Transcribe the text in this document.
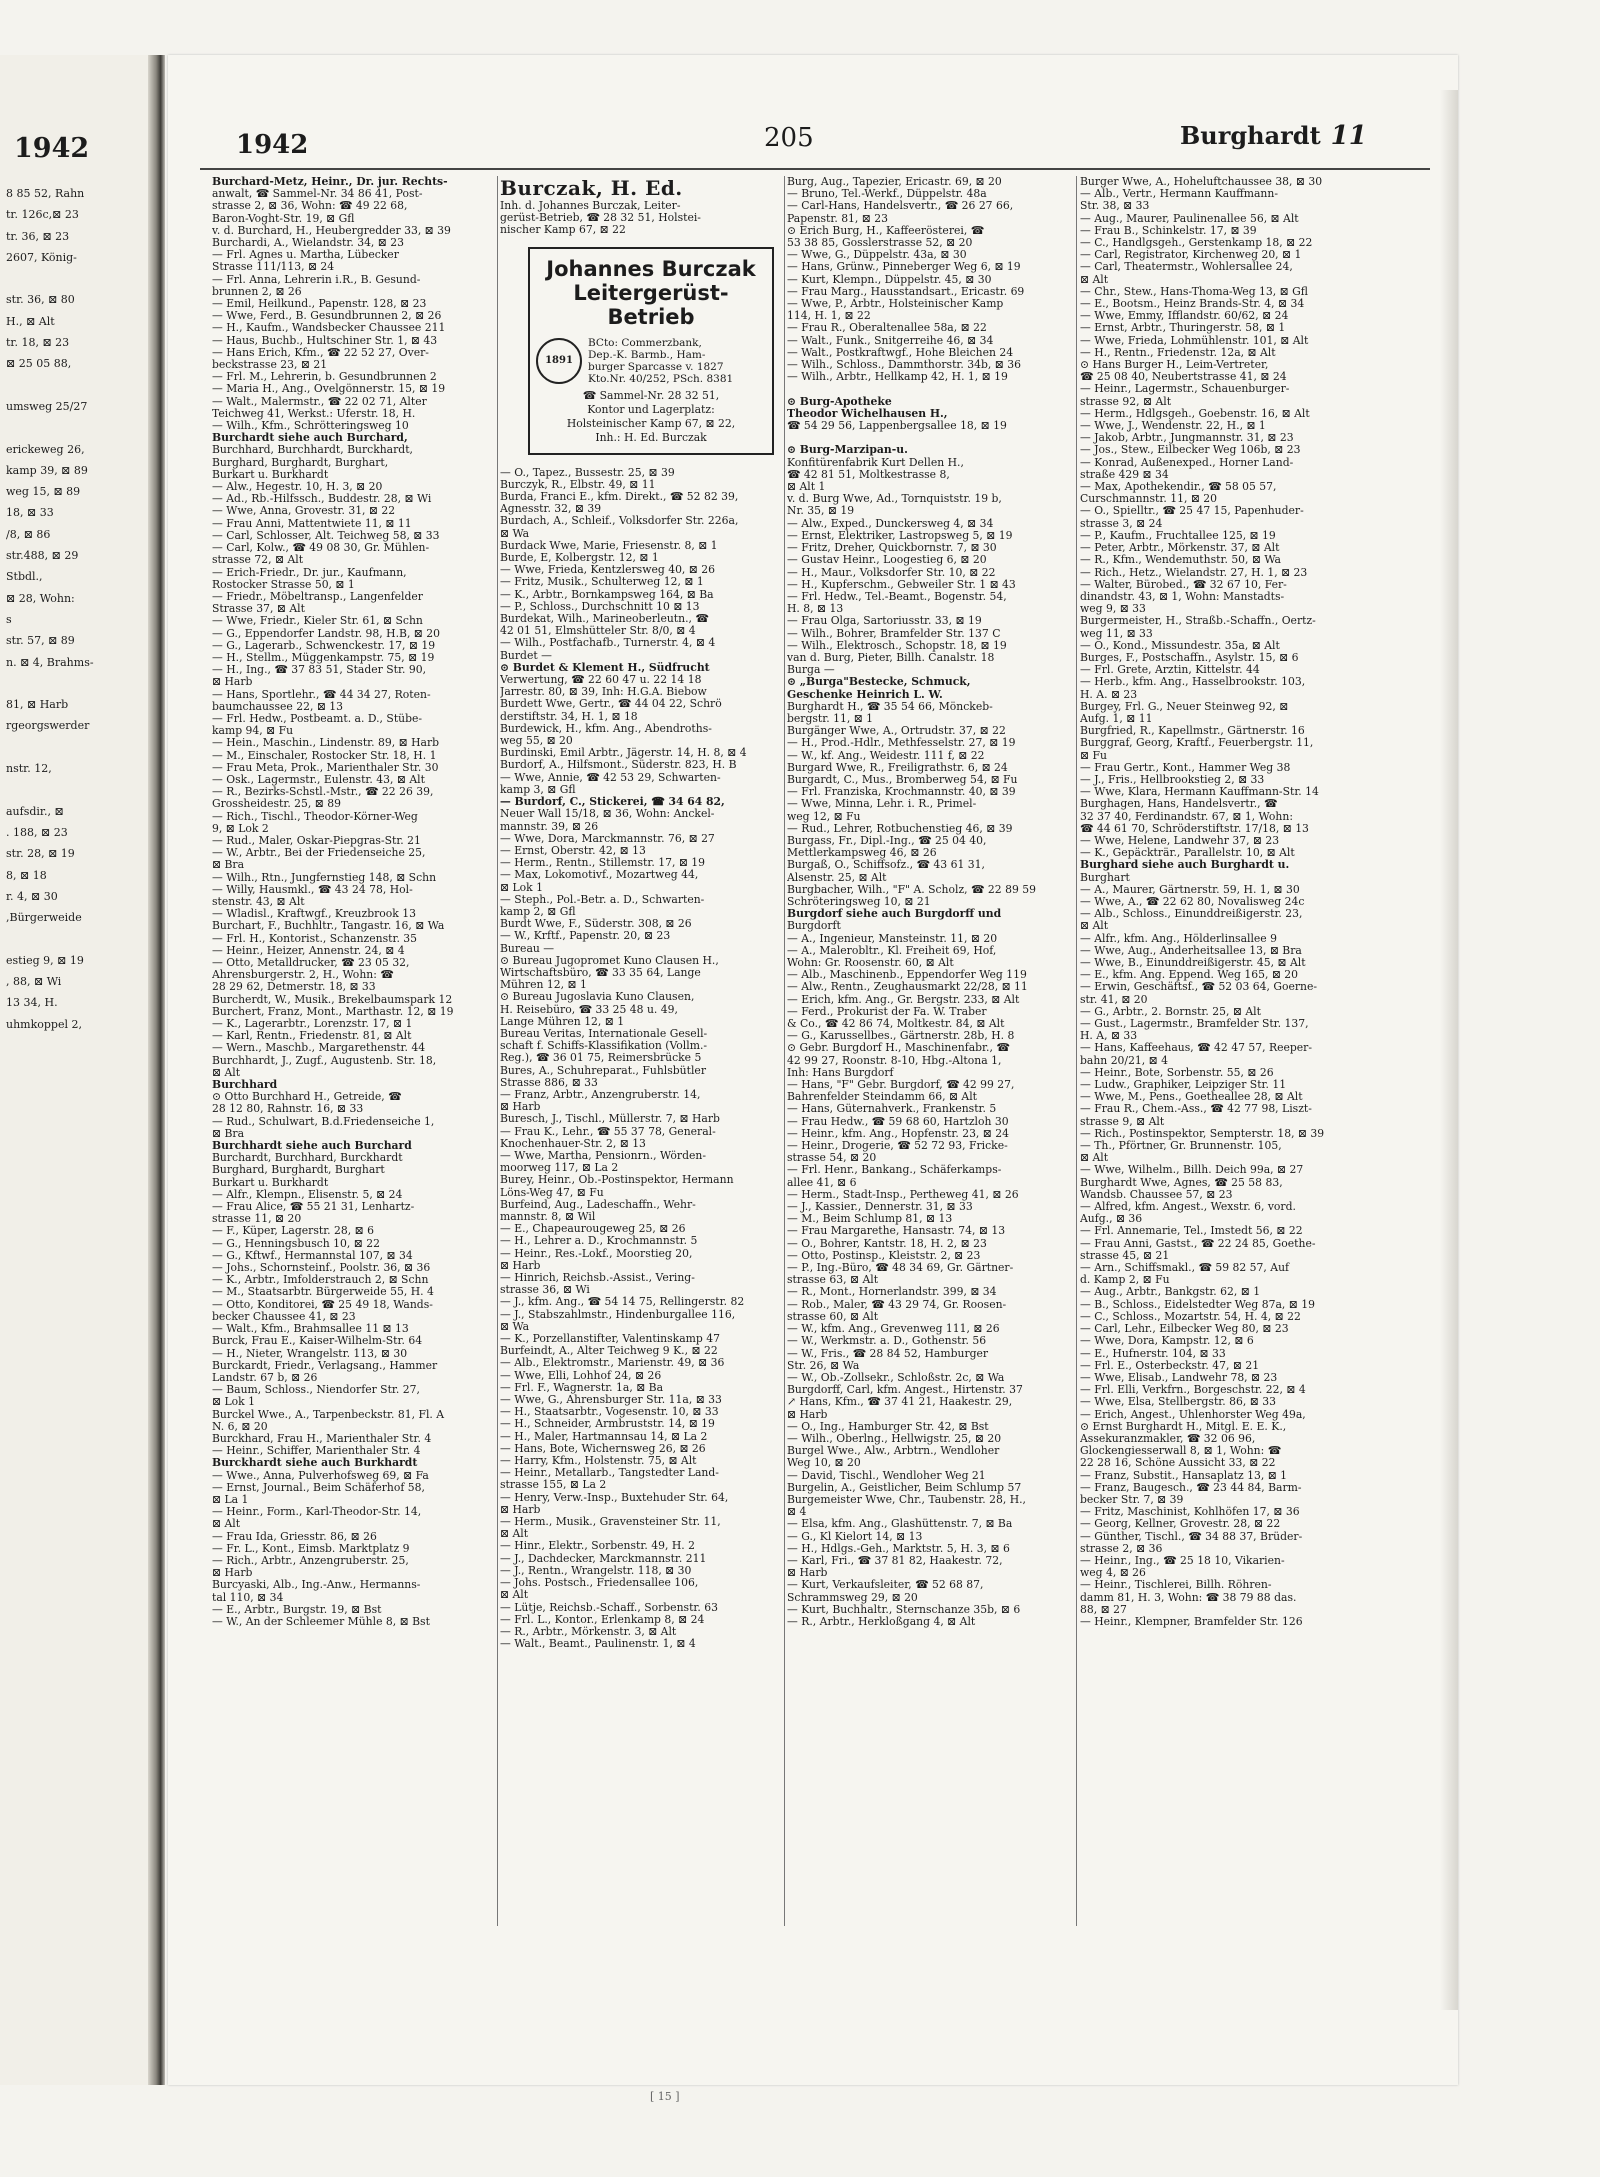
1942
8 85 52, Rahn
tr. 126c,⊠ 23
tr. 36, ⊠ 23
2607, König-

str. 36, ⊠ 80
H., ⊠ Alt
tr. 18, ⊠ 23
⊠ 25 05 88,

umsweg 25/27

erickeweg 26,
kamp 39, ⊠ 89
weg 15, ⊠ 89
18, ⊠ 33
/8, ⊠ 86
str.488, ⊠ 29
Stbdl.,
⊠ 28, Wohn:
s
str. 57, ⊠ 89
n. ⊠ 4, Brahms-

81, ⊠ Harb
rgeorgswerder

nstr. 12,

aufsdir., ⊠
. 188, ⊠ 23
str. 28, ⊠ 19
8, ⊠ 18
r. 4, ⊠ 30
,Bürgerweide

estieg 9, ⊠ 19
, 88, ⊠ Wi
13 34, H.
uhmkoppel 2,
1942	205	Burghardt 11
Burchard-Metz, Heinr., Dr. jur. Rechts-
anwalt, ☎ Sammel-Nr. 34 86 41, Post-
strasse 2, ⊠ 36, Wohn: ☎ 49 22 68,
Baron-Voght-Str. 19, ⊠ Gfl
v. d. Burchard, H., Heubergredder 33, ⊠ 39
Burchardi, A., Wielandstr. 34, ⊠ 23
— Frl. Agnes u. Martha, Lübecker
Strasse 111/113, ⊠ 24
— Frl. Anna, Lehrerin i.R., B. Gesund-
brunnen 2, ⊠ 26
— Emil, Heilkund., Papenstr. 128, ⊠ 23
— Wwe, Ferd., B. Gesundbrunnen 2, ⊠ 26
— H., Kaufm., Wandsbecker Chaussee 211
— Haus, Buchb., Hultschiner Str. 1, ⊠ 43
— Hans Erich, Kfm., ☎ 22 52 27, Over-
beckstrasse 23, ⊠ 21
— Frl. M., Lehrerin, b. Gesundbrunnen 2
— Maria H., Ang., Övelgönnerstr. 15, ⊠ 19
— Walt., Malermstr., ☎ 22 02 71, Alter
Teichweg 41, Werkst.: Uferstr. 18, H.
— Wilh., Kfm., Schrötteringsweg 10
Burchardt siehe auch Burchard,
Burchhard, Burchhardt, Burckhardt,
Burghard, Burghardt, Burghart,
Burkart u. Burkhardt
— Alw., Hegestr. 10, H. 3, ⊠ 20
— Ad., Rb.-Hilfssch., Buddestr. 28, ⊠ Wi
— Wwe, Anna, Grovestr. 31, ⊠ 22
— Frau Anni, Mattentwiete 11, ⊠ 11
— Carl, Schlosser, Alt. Teichweg 58, ⊠ 33
— Carl, Kolw., ☎ 49 08 30, Gr. Mühlen-
strasse 72, ⊠ Alt
— Erich-Friedr., Dr. jur., Kaufmann,
Rostocker Strasse 50, ⊠ 1
— Friedr., Möbeltransp., Langenfelder
Strasse 37, ⊠ Alt
— Wwe, Friedr., Kieler Str. 61, ⊠ Schn
— G., Eppendorfer Landstr. 98, H.B, ⊠ 20
— G., Lagerarb., Schwenckestr. 17, ⊠ 19
— H., Stellm., Müggenkampstr. 75, ⊠ 19
— H., Ing., ☎ 37 83 51, Stader Str. 90,
⊠ Harb
— Hans, Sportlehr., ☎ 44 34 27, Roten-
baumchaussee 22, ⊠ 13
— Frl. Hedw., Postbeamt. a. D., Stübe-
kamp 94, ⊠ Fu
— Hein., Maschin., Lindenstr. 89, ⊠ Harb
— M., Einschaler, Rostocker Str. 18, H. 1
— Frau Meta, Prok., Marienthaler Str. 30
— Osk., Lagermstr., Eulenstr. 43, ⊠ Alt
— R., Bezirks-Schstl.-Mstr., ☎ 22 26 39,
Grossheidestr. 25, ⊠ 89
— Rich., Tischl., Theodor-Körner-Weg
9, ⊠ Lok 2
— Rud., Maler, Oskar-Piepgras-Str. 21
— W., Arbtr., Bei der Friedenseiche 25,
⊠ Bra
— Wilh., Rtn., Jungfernstieg 148, ⊠ Schn
— Willy, Hausmkl., ☎ 43 24 78, Hol-
stenstr. 43, ⊠ Alt
— Wladisl., Kraftwgf., Kreuzbrook 13
Burchart, F., Buchhltr., Tangastr. 16, ⊠ Wa
— Frl. H., Kontorist., Schanzenstr. 35
— Heinr., Heizer, Annenstr. 24, ⊠ 4
— Otto, Metalldrucker, ☎ 23 05 32,
Ahrensburgerstr. 2, H., Wohn: ☎
28 29 62, Detmerstr. 18, ⊠ 33
Burcherdt, W., Musik., Brekelbaumspark 12
Burchert, Franz, Mont., Marthastr. 12, ⊠ 19
— K., Lagerarbtr., Lorenzstr. 17, ⊠ 1
— Karl, Rentn., Friedenstr. 81, ⊠ Alt
— Wern., Maschb., Margarethenstr. 44
Burchhardt, J., Zugf., Augustenb. Str. 18,
⊠ Alt
Burchhard
⊙ Otto Burchhard H., Getreide, ☎
28 12 80, Rahnstr. 16, ⊠ 33
— Rud., Schulwart, B.d.Friedenseiche 1,
⊠ Bra
Burchhardt siehe auch Burchard
Burchardt, Burchhard, Burckhardt
Burghard, Burghardt, Burghart
Burkart u. Burkhardt
— Alfr., Klempn., Elisenstr. 5, ⊠ 24
— Frau Alice, ☎ 55 21 31, Lenhartz-
strasse 11, ⊠ 20
— F., Küper, Lagerstr. 28, ⊠ 6
— G., Henningsbusch 10, ⊠ 22
— G., Kftwf., Hermannstal 107, ⊠ 34
— Johs., Schornsteinf., Poolstr. 36, ⊠ 36
— K., Arbtr., Imfolderstrauch 2, ⊠ Schn
— M., Staatsarbtr. Bürgerweide 55, H. 4
— Otto, Konditorei, ☎ 25 49 18, Wands-
becker Chaussee 41, ⊠ 23
— Walt., Kfm., Brahmsallee 11 ⊠ 13
Burck, Frau E., Kaiser-Wilhelm-Str. 64
— H., Nieter, Wrangelstr. 113, ⊠ 30
Burckardt, Friedr., Verlagsang., Hammer
Landstr. 67 b, ⊠ 26
— Baum, Schloss., Niendorfer Str. 27,
⊠ Lok 1
Burckel Wwe., A., Tarpenbeckstr. 81, Fl. A
N. 6, ⊠ 20
Burckhard, Frau H., Marienthaler Str. 4
— Heinr., Schiffer, Marienthaler Str. 4
Burckhardt siehe auch Burkhardt
— Wwe., Anna, Pulverhofsweg 69, ⊠ Fa
— Ernst, Journal., Beim Schäferhof 58,
⊠ La 1
— Heinr., Form., Karl-Theodor-Str. 14,
⊠ Alt
— Frau Ida, Griesstr. 86, ⊠ 26
— Fr. L., Kont., Eimsb. Marktplatz 9
— Rich., Arbtr., Anzengruberstr. 25,
⊠ Harb
Burcyaski, Alb., Ing.-Anw., Hermanns-
tal 110, ⊠ 34
— E., Arbtr., Burgstr. 19, ⊠ Bst
— W., An der Schleemer Mühle 8, ⊠ Bst
Burczak, H. Ed.
Inh. d. Johannes Burczak, Leiter-
gerüst-Betrieb, ☎ 28 32 51, Holstei-
nischer Kamp 67, ⊠ 22
Johannes Burczak
Leitergerüst-Betrieb
1891
BCto: Commerzbank,
Dep.-K. Barmb., Ham-
burger Sparcasse v. 1827
Kto.Nr. 40/252, PSch. 8381
☎ Sammel-Nr. 28 32 51,
Kontor und Lagerplatz:
Holsteinischer Kamp 67, ⊠ 22,
Inh.: H. Ed. Burczak
— O., Tapez., Bussestr. 25, ⊠ 39
Burczyk, R., Elbstr. 49, ⊠ 11
Burda, Franci E., kfm. Direkt., ☎ 52 82 39,
Agnesstr. 32, ⊠ 39
Burdach, A., Schleif., Volksdorfer Str. 226a,
⊠ Wa
Burdack Wwe, Marie, Friesenstr. 8, ⊠ 1
Burde, E, Kolbergstr. 12, ⊠ 1
— Wwe, Frieda, Kentzlersweg 40, ⊠ 26
— Fritz, Musik., Schulterweg 12, ⊠ 1
— K., Arbtr., Bornkampsweg 164, ⊠ Ba
— P., Schloss., Durchschnitt 10 ⊠ 13
Burdekat, Wilh., Marineoberleutn., ☎
42 01 51, Elmshütteler Str. 8/0, ⊠ 4
— Wilh., Postfachafb., Turnerstr. 4, ⊠ 4
Burdet —
⊙ Burdet & Klement H., Südfrucht
Verwertung, ☎ 22 60 47 u. 22 14 18
Jarrestr. 80, ⊠ 39, Inh: H.G.A. Biebow
Burdett Wwe, Gertr., ☎ 44 04 22, Schrö
derstiftstr. 34, H. 1, ⊠ 18
Burdewick, H., kfm. Ang., Abendroths-
weg 55, ⊠ 20
Burdinski, Emil Arbtr., Jägerstr. 14, H. 8, ⊠ 4
Burdorf, A., Hilfsmont., Süderstr. 823, H. B
— Wwe, Annie, ☎ 42 53 29, Schwarten-
kamp 3, ⊠ Gfl
— Burdorf, C., Stickerei, ☎ 34 64 82,
Neuer Wall 15/18, ⊠ 36, Wohn: Anckel-
mannstr. 39, ⊠ 26
— Wwe, Dora, Marckmannstr. 76, ⊠ 27
— Ernst, Oberstr. 42, ⊠ 13
— Herm., Rentn., Stillemstr. 17, ⊠ 19
— Max, Lokomotivf., Mozartweg 44,
⊠ Lok 1
— Steph., Pol.-Betr. a. D., Schwarten-
kamp 2, ⊠ Gfl
Burdt Wwe, F., Süderstr. 308, ⊠ 26
— W., Krftf., Papenstr. 20, ⊠ 23
Bureau —
⊙ Bureau Jugopromet Kuno Clausen H.,
Wirtschaftsbüro, ☎ 33 35 64, Lange
Mühren 12, ⊠ 1
⊙ Bureau Jugoslavia Kuno Clausen,
H. Reisebüro, ☎ 33 25 48 u. 49,
Lange Mühren 12, ⊠ 1
Bureau Veritas, Internationale Gesell-
schaft f. Schiffs-Klassifikation (Vollm.-
Reg.), ☎ 36 01 75, Reimersbrücke 5
Bures, A., Schuhreparat., Fuhlsbütler
Strasse 886, ⊠ 33
— Franz, Arbtr., Anzengruberstr. 14,
⊠ Harb
Buresch, J., Tischl., Müllerstr. 7, ⊠ Harb
— Frau K., Lehr., ☎ 55 37 78, General-
Knochenhauer-Str. 2, ⊠ 13
— Wwe, Martha, Pensionrn., Wörden-
moorweg 117, ⊠ La 2
Burey, Heinr., Ob.-Postinspektor, Hermann
Löns-Weg 47, ⊠ Fu
Burfeind, Aug., Ladeschaffn., Wehr-
mannstr. 8, ⊠ Wil
— E., Chapeaurougeweg 25, ⊠ 26
— H., Lehrer a. D., Krochmannstr. 5
— Heinr., Res.-Lokf., Moorstieg 20,
⊠ Harb
— Hinrich, Reichsb.-Assist., Vering-
strasse 36, ⊠ Wi
— J., kfm. Ang., ☎ 54 14 75, Rellingerstr. 82
— J., Stabszahlmstr., Hindenburgallee 116,
⊠ Wa
— K., Porzellanstifter, Valentinskamp 47
Burfeindt, A., Alter Teichweg 9 K., ⊠ 22
— Alb., Elektromstr., Marienstr. 49, ⊠ 36
— Wwe, Elli, Lohhof 24, ⊠ 26
— Frl. F., Wagnerstr. 1a, ⊠ Ba
— Wwe, G., Ahrensburger Str. 11a, ⊠ 33
— H., Staatsarbtr., Vogesenstr. 10, ⊠ 33
— H., Schneider, Armbruststr. 14, ⊠ 19
— H., Maler, Hartmannsau 14, ⊠ La 2
— Hans, Bote, Wichernsweg 26, ⊠ 26
— Harry, Kfm., Holstenstr. 75, ⊠ Alt
— Heinr., Metallarb., Tangstedter Land-
strasse 155, ⊠ La 2
— Henry, Verw.-Insp., Buxtehuder Str. 64,
⊠ Harb
— Herm., Musik., Gravensteiner Str. 11,
⊠ Alt
— Hinr., Elektr., Sorbenstr. 49, H. 2
— J., Dachdecker, Marckmannstr. 211
— J., Rentn., Wrangelstr. 118, ⊠ 30
— Johs. Postsch., Friedensallee 106,
⊠ Alt
— Lütje, Reichsb.-Schaff., Sorbenstr. 63
— Frl. L., Kontor., Erlenkamp 8, ⊠ 24
— R., Arbtr., Mörkenstr. 3, ⊠ Alt
— Walt., Beamt., Paulinenstr. 1, ⊠ 4
Burg, Aug., Tapezier, Ericastr. 69, ⊠ 20
— Bruno, Tel.-Werkf., Düppelstr. 48a
— Carl-Hans, Handelsvertr., ☎ 26 27 66,
Papenstr. 81, ⊠ 23
⊙ Erich Burg, H., Kaffeerösterei, ☎
53 38 85, Gosslerstrasse 52, ⊠ 20
— Wwe, G., Düppelstr. 43a, ⊠ 30
— Hans, Grünw., Pinneberger Weg 6, ⊠ 19
— Kurt, Klempn., Düppelstr. 45, ⊠ 30
— Frau Marg., Hausstandsart., Ericastr. 69
— Wwe, P., Arbtr., Holsteinischer Kamp
114, H. 1, ⊠ 22
— Frau R., Oberaltenallee 58a, ⊠ 22
— Walt., Funk., Snitgerreihe 46, ⊠ 34
— Walt., Postkraftwgf., Hohe Bleichen 24
— Wilh., Schloss., Dammthorstr. 34b, ⊠ 36
— Wilh., Arbtr., Hellkamp 42, H. 1, ⊠ 19

⊙ Burg-Apotheke
Theodor Wichelhausen H.,
☎ 54 29 56, Lappenbergsallee 18, ⊠ 19

⊙ Burg-Marzipan-u.
Konfitürenfabrik Kurt Dellen H.,
☎ 42 81 51, Moltkestrasse 8,
⊠ Alt 1
v. d. Burg Wwe, Ad., Tornquiststr. 19 b,
Nr. 35, ⊠ 19
— Alw., Exped., Dunckersweg 4, ⊠ 34
— Ernst, Elektriker, Lastropsweg 5, ⊠ 19
— Fritz, Dreher, Quickbornstr. 7, ⊠ 30
— Gustav Heinr., Loogestieg 6, ⊠ 20
— H., Maur., Volksdorfer Str. 10, ⊠ 22
— H., Kupferschm., Gebweiler Str. 1 ⊠ 43
— Frl. Hedw., Tel.-Beamt., Bogenstr. 54,
H. 8, ⊠ 13
— Frau Olga, Sartoriusstr. 33, ⊠ 19
— Wilh., Bohrer, Bramfelder Str. 137 C
— Wilh., Elektrosch., Schopstr. 18, ⊠ 19
van d. Burg, Pieter, Billh. Canalstr. 18
Burga —
⊙ „Burga"Bestecke, Schmuck,
Geschenke Heinrich L. W.
Burghardt H., ☎ 35 54 66, Mönckeb-
bergstr. 11, ⊠ 1
Burgänger Wwe, A., Ortrudstr. 37, ⊠ 22
— H., Prod.-Hdlr., Methfesselstr. 27, ⊠ 19
— W., kf. Ang., Weidestr. 111 f, ⊠ 22
Burgard Wwe, R., Freiligrathstr. 6, ⊠ 24
Burgardt, C., Mus., Bromberweg 54, ⊠ Fu
— Frl. Franziska, Krochmannstr. 40, ⊠ 39
— Wwe, Minna, Lehr. i. R., Primel-
weg 12, ⊠ Fu
— Rud., Lehrer, Rotbuchenstieg 46, ⊠ 39
Burgass, Fr., Dipl.-Ing., ☎ 25 04 40,
Mettlerkampsweg 46, ⊠ 26
Burgaß, O., Schiffsofz., ☎ 43 61 31,
Alsenstr. 25, ⊠ Alt
Burgbacher, Wilh., "F" A. Scholz, ☎ 22 89 59
Schröteringsweg 10, ⊠ 21
Burgdorf siehe auch Burgdorff und
Burgdorft
— A., Ingenieur, Mansteinstr. 11, ⊠ 20
— A., Malerobltr., Kl. Freiheit 69, Hof,
Wohn: Gr. Roosenstr. 60, ⊠ Alt
— Alb., Maschinenb., Eppendorfer Weg 119
— Alw., Rentn., Zeughausmarkt 22/28, ⊠ 11
— Erich, kfm. Ang., Gr. Bergstr. 233, ⊠ Alt
— Ferd., Prokurist der Fa. W. Traber
& Co., ☎ 42 86 74, Moltkestr. 84, ⊠ Alt
— G., Karussellbes., Gärtnerstr. 28b, H. 8
⊙ Gebr. Burgdorf H., Maschinenfabr., ☎
42 99 27, Roonstr. 8-10, Hbg.-Altona 1,
Inh: Hans Burgdorf
— Hans, "F" Gebr. Burgdorf, ☎ 42 99 27,
Bahrenfelder Steindamm 66, ⊠ Alt
— Hans, Güternahverk., Frankenstr. 5
— Frau Hedw., ☎ 59 68 60, Hartzloh 30
— Heinr., kfm. Ang., Hopfenstr. 23, ⊠ 24
— Heinr., Drogerie, ☎ 52 72 93, Fricke-
strasse 54, ⊠ 20
— Frl. Henr., Bankang., Schäferkamps-
allee 41, ⊠ 6
— Herm., Stadt-Insp., Pertheweg 41, ⊠ 26
— J., Kassier., Dennerstr. 31, ⊠ 33
— M., Beim Schlump 81, ⊠ 13
— Frau Margarethe, Hansastr. 74, ⊠ 13
— O., Bohrer, Kantstr. 18, H. 2, ⊠ 23
— Otto, Postinsp., Kleiststr. 2, ⊠ 23
— P., Ing.-Büro, ☎ 48 34 69, Gr. Gärtner-
strasse 63, ⊠ Alt
— R., Mont., Hornerlandstr. 399, ⊠ 34
— Rob., Maler, ☎ 43 29 74, Gr. Roosen-
strasse 60, ⊠ Alt
— W., kfm. Ang., Grevenweg 111, ⊠ 26
— W., Werkmstr. a. D., Gothenstr. 56
— W., Fris., ☎ 28 84 52, Hamburger
Str. 26, ⊠ Wa
— W., Ob.-Zollsekr., Schloßstr. 2c, ⊠ Wa
Burgdorff, Carl, kfm. Angest., Hirtenstr. 37
↗ Hans, Kfm., ☎ 37 41 21, Haakestr. 29,
⊠ Harb
— O., Ing., Hamburger Str. 42, ⊠ Bst
— Wilh., Oberlng., Hellwigstr. 25, ⊠ 20
Burgel Wwe., Alw., Arbtrn., Wendloher
Weg 10, ⊠ 20
— David, Tischl., Wendloher Weg 21
Burgelin, A., Geistlicher, Beim Schlump 57
Burgemeister Wwe, Chr., Taubenstr. 28, H.,
⊠ 4
— Elsa, kfm. Ang., Glashüttenstr. 7, ⊠ Ba
— G., Kl Kielort 14, ⊠ 13
— H., Hdlgs.-Geh., Marktstr. 5, H. 3, ⊠ 6
— Karl, Fri., ☎ 37 81 82, Haakestr. 72,
⊠ Harb
— Kurt, Verkaufsleiter, ☎ 52 68 87,
Schrammsweg 29, ⊠ 20
— Kurt, Buchhaltr., Sternschanze 35b, ⊠ 6
— R., Arbtr., Herkloßgang 4, ⊠ Alt
Burger Wwe, A., Hoheluftchaussee 38, ⊠ 30
— Alb., Vertr., Hermann Kauffmann-
Str. 38, ⊠ 33
— Aug., Maurer, Paulinenallee 56, ⊠ Alt
— Frau B., Schinkelstr. 17, ⊠ 39
— C., Handlgsgeh., Gerstenkamp 18, ⊠ 22
— Carl, Registrator, Kirchenweg 20, ⊠ 1
— Carl, Theatermstr., Wohlersallee 24,
⊠ Alt
— Chr., Stew., Hans-Thoma-Weg 13, ⊠ Gfl
— E., Bootsm., Heinz Brands-Str. 4, ⊠ 34
— Wwe, Emmy, Ifflandstr. 60/62, ⊠ 24
— Ernst, Arbtr., Thuringerstr. 58, ⊠ 1
— Wwe, Frieda, Lohmühlenstr. 101, ⊠ Alt
— H., Rentn., Friedenstr. 12a, ⊠ Alt
⊙ Hans Burger H., Leim-Vertreter,
☎ 25 08 40, Neubertstrasse 41, ⊠ 24
— Heinr., Lagermstr., Schauenburger-
strasse 92, ⊠ Alt
— Herm., Hdlgsgeh., Goebenstr. 16, ⊠ Alt
— Wwe, J., Wendenstr. 22, H., ⊠ 1
— Jakob, Arbtr., Jungmannstr. 31, ⊠ 23
— Jos., Stew., Eilbecker Weg 106b, ⊠ 23
— Konrad, Außenexped., Horner Land-
straße 429 ⊠ 34
— Max, Apothekendir., ☎ 58 05 57,
Curschmannstr. 11, ⊠ 20
— O., Spielltr., ☎ 25 47 15, Papenhuder-
strasse 3, ⊠ 24
— P., Kaufm., Fruchtallee 125, ⊠ 19
— Peter, Arbtr., Mörkenstr. 37, ⊠ Alt
— R., Kfm., Wendemuthstr. 50, ⊠ Wa
— Rich., Hetz., Wielandstr. 27, H. 1, ⊠ 23
— Walter, Bürobed., ☎ 32 67 10, Fer-
dinandstr. 43, ⊠ 1, Wohn: Manstadts-
weg 9, ⊠ 33
Burgermeister, H., Straßb.-Schaffn., Oertz-
weg 11, ⊠ 33
— O., Kond., Missundestr. 35a, ⊠ Alt
Burges, F., Postschaffn., Asylstr. 15, ⊠ 6
— Frl. Grete, Arztin, Kittelstr. 44
— Herb., kfm. Ang., Hasselbrookstr. 103,
H. A. ⊠ 23
Burgey, Frl. G., Neuer Steinweg 92, ⊠
Aufg. 1, ⊠ 11
Burgfried, R., Kapellmstr., Gärtnerstr. 16
Burggraf, Georg, Kraftf., Feuerbergstr. 11,
⊠ Fu
— Frau Gertr., Kont., Hammer Weg 38
— J., Fris., Hellbrookstieg 2, ⊠ 33
— Wwe, Klara, Hermann Kauffmann-Str. 14
Burghagen, Hans, Handelsvertr., ☎
32 37 40, Ferdinandstr. 67, ⊠ 1, Wohn:
☎ 44 61 70, Schröderstiftstr. 17/18, ⊠ 13
— Wwe, Helene, Landwehr 37, ⊠ 23
— K., Gepäckträr., Parallelstr. 10, ⊠ Alt
Burghard siehe auch Burghardt u.
Burghart
— A., Maurer, Gärtnerstr. 59, H. 1, ⊠ 30
— Wwe, A., ☎ 22 62 80, Novalisweg 24c
— Alb., Schloss., Einunddreißigerstr. 23,
⊠ Alt
— Alfr., kfm. Ang., Hölderlinsallee 9
— Wwe, Aug., Anderheitsallee 13, ⊠ Bra
— Wwe, B., Einunddreißigerstr. 45, ⊠ Alt
— E., kfm. Ang. Eppend. Weg 165, ⊠ 20
— Erwin, Geschäftsf., ☎ 52 03 64, Goerne-
str. 41, ⊠ 20
— G., Arbtr., 2. Bornstr. 25, ⊠ Alt
— Gust., Lagermstr., Bramfelder Str. 137,
H. A, ⊠ 33
— Hans, Kaffeehaus, ☎ 42 47 57, Reeper-
bahn 20/21, ⊠ 4
— Heinr., Bote, Sorbenstr. 55, ⊠ 26
— Ludw., Graphiker, Leipziger Str. 11
— Wwe, M., Pens., Goetheallee 28, ⊠ Alt
— Frau R., Chem.-Ass., ☎ 42 77 98, Liszt-
strasse 9, ⊠ Alt
— Rich., Postinspektor, Sempterstr. 18, ⊠ 39
— Th., Pförtner, Gr. Brunnenstr. 105,
⊠ Alt
— Wwe, Wilhelm., Billh. Deich 99a, ⊠ 27
Burghardt Wwe, Agnes, ☎ 25 58 83,
Wandsb. Chaussee 57, ⊠ 23
— Alfred, kfm. Angest., Wexstr. 6, vord.
Aufg., ⊠ 36
— Frl. Annemarie, Tel., Imstedt 56, ⊠ 22
— Frau Anni, Gastst., ☎ 22 24 85, Goethe-
strasse 45, ⊠ 21
— Arn., Schiffsmakl., ☎ 59 82 57, Auf
d. Kamp 2, ⊠ Fu
— Aug., Arbtr., Bankgstr. 62, ⊠ 1
— B., Schloss., Eidelstedter Weg 87a, ⊠ 19
— C., Schloss., Mozartstr. 54, H. 4, ⊠ 22
— Carl, Lehr., Eilbecker Weg 80, ⊠ 23
— Wwe, Dora, Kampstr. 12, ⊠ 6
— E., Hufnerstr. 104, ⊠ 33
— Frl. E., Osterbeckstr. 47, ⊠ 21
— Wwe, Elisab., Landwehr 78, ⊠ 23
— Frl. Elli, Verkfrn., Borgeschstr. 22, ⊠ 4
— Wwe, Elsa, Stellbergstr. 86, ⊠ 33
— Erich, Angest., Uhlenhorster Weg 49a,
⊙ Ernst Burghardt H., Mitgl. E. E. K.,
Assekuranzmakler, ☎ 32 06 96,
Glockengiesserwall 8, ⊠ 1, Wohn: ☎
22 28 16, Schöne Aussicht 33, ⊠ 22
— Franz, Substit., Hansaplatz 13, ⊠ 1
— Franz, Baugesch., ☎ 23 44 84, Barm-
becker Str. 7, ⊠ 39
— Fritz, Maschinist, Kohlhöfen 17, ⊠ 36
— Georg, Kellner, Grovestr. 28, ⊠ 22
— Günther, Tischl., ☎ 34 88 37, Brüder-
strasse 2, ⊠ 36
— Heinr., Ing., ☎ 25 18 10, Vikarien-
weg 4, ⊠ 26
— Heinr., Tischlerei, Billh. Röhren-
damm 81, H. 3, Wohn: ☎ 38 79 88 das.
88, ⊠ 27
— Heinr., Klempner, Bramfelder Str. 126
[ 15 ]
